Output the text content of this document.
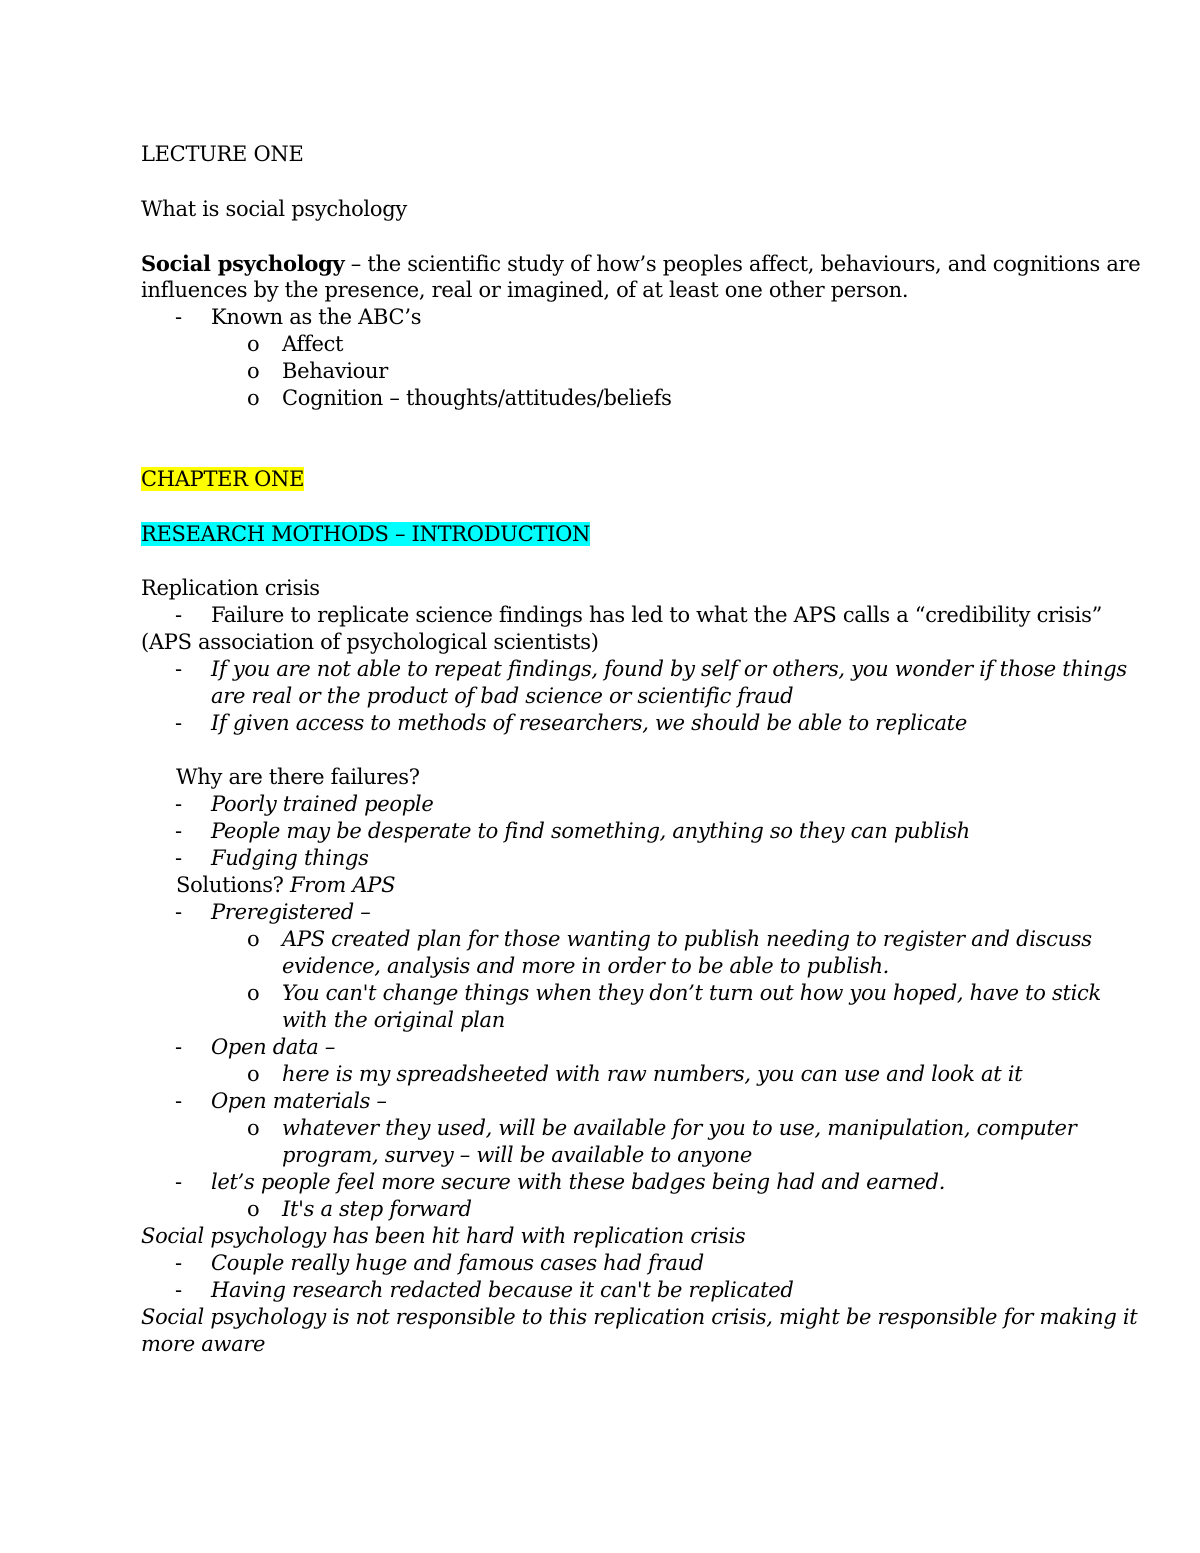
LECTURE ONE
What is social psychology
Social psychology – the scientific study of how’s peoples affect, behaviours, and cognitions are
influences by the presence, real or imagined, of at least one other person.
- Known as the ABC’s
o Affect
o Behaviour
o Cognition – thoughts/attitudes/beliefs
CHAPTER ONE
RESEARCH MOTHODS – INTRODUCTION
Replication crisis
- Failure to replicate science findings has led to what the APS calls a “credibility crisis”
(APS association of psychological scientists)
- If you are not able to repeat findings, found by self or others, you wonder if those things
are real or the product of bad science or scientific fraud
- If given access to methods of researchers, we should be able to replicate
Why are there failures?
- Poorly trained people
- People may be desperate to find something, anything so they can publish
- Fudging things
Solutions? From APS
- Preregistered –
o APS created plan for those wanting to publish needing to register and discuss
evidence, analysis and more in order to be able to publish.
o You can't change things when they don’t turn out how you hoped, have to stick
with the original plan
- Open data –
o here is my spreadsheeted with raw numbers, you can use and look at it
- Open materials –
o whatever they used, will be available for you to use, manipulation, computer
program, survey – will be available to anyone
- let’s people feel more secure with these badges being had and earned.
o It's a step forward
Social psychology has been hit hard with replication crisis
- Couple really huge and famous cases had fraud
- Having research redacted because it can't be replicated
Social psychology is not responsible to this replication crisis, might be responsible for making it
more aware
